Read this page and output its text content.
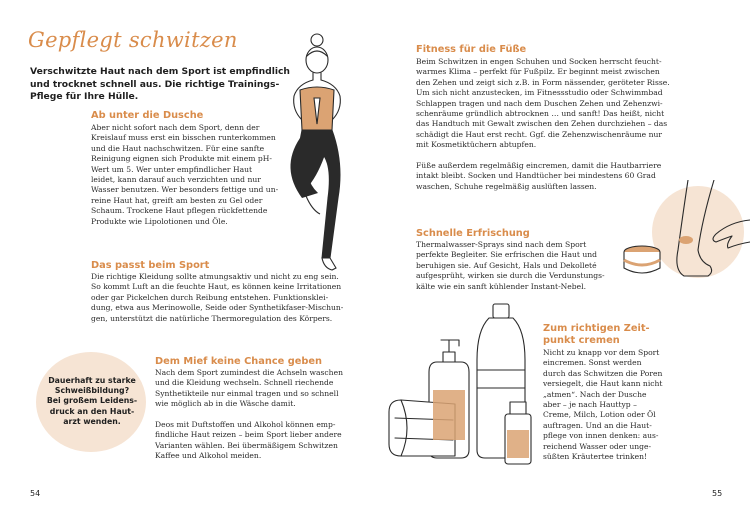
Gepflegt schwitzen
Verschwitzte Haut nach dem Sport ist empfindlich und trocknet schnell aus. Die richtige Trainings-Pflege für Ihre Hülle.
Ab unter die Dusche
Aber nicht sofort nach dem Sport, denn der
Kreislauf muss erst ein bisschen runterkommen
und die Haut nachschwitzen. Für eine sanfte
Reinigung eignen sich Produkte mit einem pH-
Wert um 5. Wer unter empfindlicher Haut
leidet, kann darauf auch verzichten und nur
Wasser benutzen. Wer besonders fettige und un-
reine Haut hat, greift am besten zu Gel oder
Schaum. Trockene Haut pflegen rückfettende
Produkte wie Lipolotionen und Öle.
Das passt beim Sport
Die richtige Kleidung sollte atmungsaktiv und nicht zu eng sein.
So kommt Luft an die feuchte Haut, es können keine Irritationen
oder gar Pickelchen durch Reibung entstehen. Funktionsklei-
dung, etwa aus Merinowolle, Seide oder Synthetikfaser-Mischun-
gen, unterstützt die natürliche Thermoregulation des Körpers.
Dem Mief keine Chance geben
Nach dem Sport zumindest die Achseln waschen
und die Kleidung wechseln. Schnell riechende
Synthetikteile nur einmal tragen und so schnell
wie möglich ab in die Wäsche damit.

Deos mit Duftstoffen und Alkohol können emp-
findliche Haut reizen – beim Sport lieber andere
Varianten wählen. Bei übermäßigem Schwitzen
Kaffee und Alkohol meiden.
Dauerhaft zu starke
Schweißbildung?
Bei großem Leidens-
druck an den Haut-
arzt wenden.
54
Fitness für die Füße
Beim Schwitzen in engen Schuhen und Socken herrscht feucht-
warmes Klima – perfekt für Fußpilz. Er beginnt meist zwischen
den Zehen und zeigt sich z.B. in Form nässender, geröteter Risse.
Um sich nicht anzustecken, im Fitnessstudio oder Schwimmbad
Schlappen tragen und nach dem Duschen Zehen und Zehenzwi-
schenräume gründlich abtrocknen … und sanft! Das heißt, nicht
das Handtuch mit Gewalt zwischen den Zehen durchziehen – das
schädigt die Haut erst recht. Ggf. die Zehenzwischenräume nur
mit Kosmetiktüchern abtupfen.

Füße außerdem regelmäßig eincremen, damit die Hautbarriere
intakt bleibt. Socken und Handtücher bei mindestens 60 Grad
waschen, Schuhe regelmäßig auslüften lassen.
Schnelle Erfrischung
Thermalwasser-Sprays sind nach dem Sport
perfekte Begleiter. Sie erfrischen die Haut und
beruhigen sie. Auf Gesicht, Hals und Dekolleté
aufgesprüht, wirken sie durch die Verdunstungs-
kälte wie ein sanft kühlender Instant-Nebel.
Zum richtigen Zeit-
punkt cremen
Nicht zu knapp vor dem Sport
eincremen. Sonst werden
durch das Schwitzen die Poren
versiegelt, die Haut kann nicht
„atmen“. Nach der Dusche
aber – je nach Hauttyp –
Creme, Milch, Lotion oder Öl
auftragen. Und an die Haut-
pflege von innen denken: aus-
reichend Wasser oder unge-
süßten Kräutertee trinken!
55
